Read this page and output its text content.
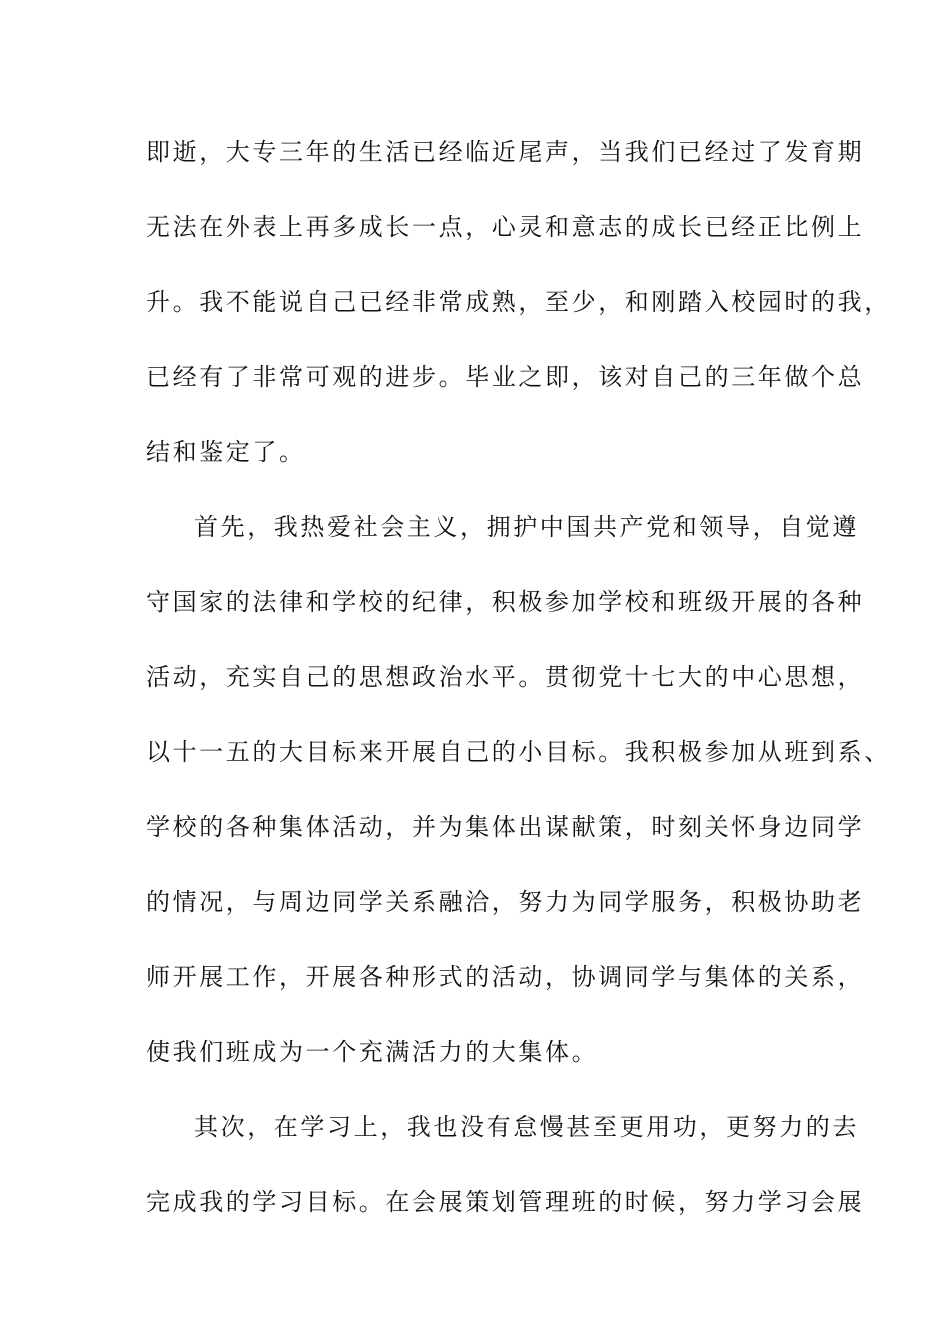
即逝，大专三年的生活已经临近尾声，当我们已经过了发育期
无法在外表上再多成长一点，心灵和意志的成长已经正比例上
升。我不能说自己已经非常成熟，至少，和刚踏入校园时的我，
已经有了非常可观的进步。毕业之即，该对自己的三年做个总
结和鉴定了。
首先，我热爱社会主义，拥护中国共产党和领导，自觉遵
守国家的法律和学校的纪律，积极参加学校和班级开展的各种
活动，充实自己的思想政治水平。贯彻党十七大的中心思想，
以十一五的大目标来开展自己的小目标。我积极参加从班到系、
学校的各种集体活动，并为集体出谋献策，时刻关怀身边同学
的情况，与周边同学关系融洽，努力为同学服务，积极协助老
师开展工作，开展各种形式的活动，协调同学与集体的关系，
使我们班成为一个充满活力的大集体。
其次，在学习上，我也没有怠慢甚至更用功，更努力的去
完成我的学习目标。在会展策划管理班的时候，努力学习会展
